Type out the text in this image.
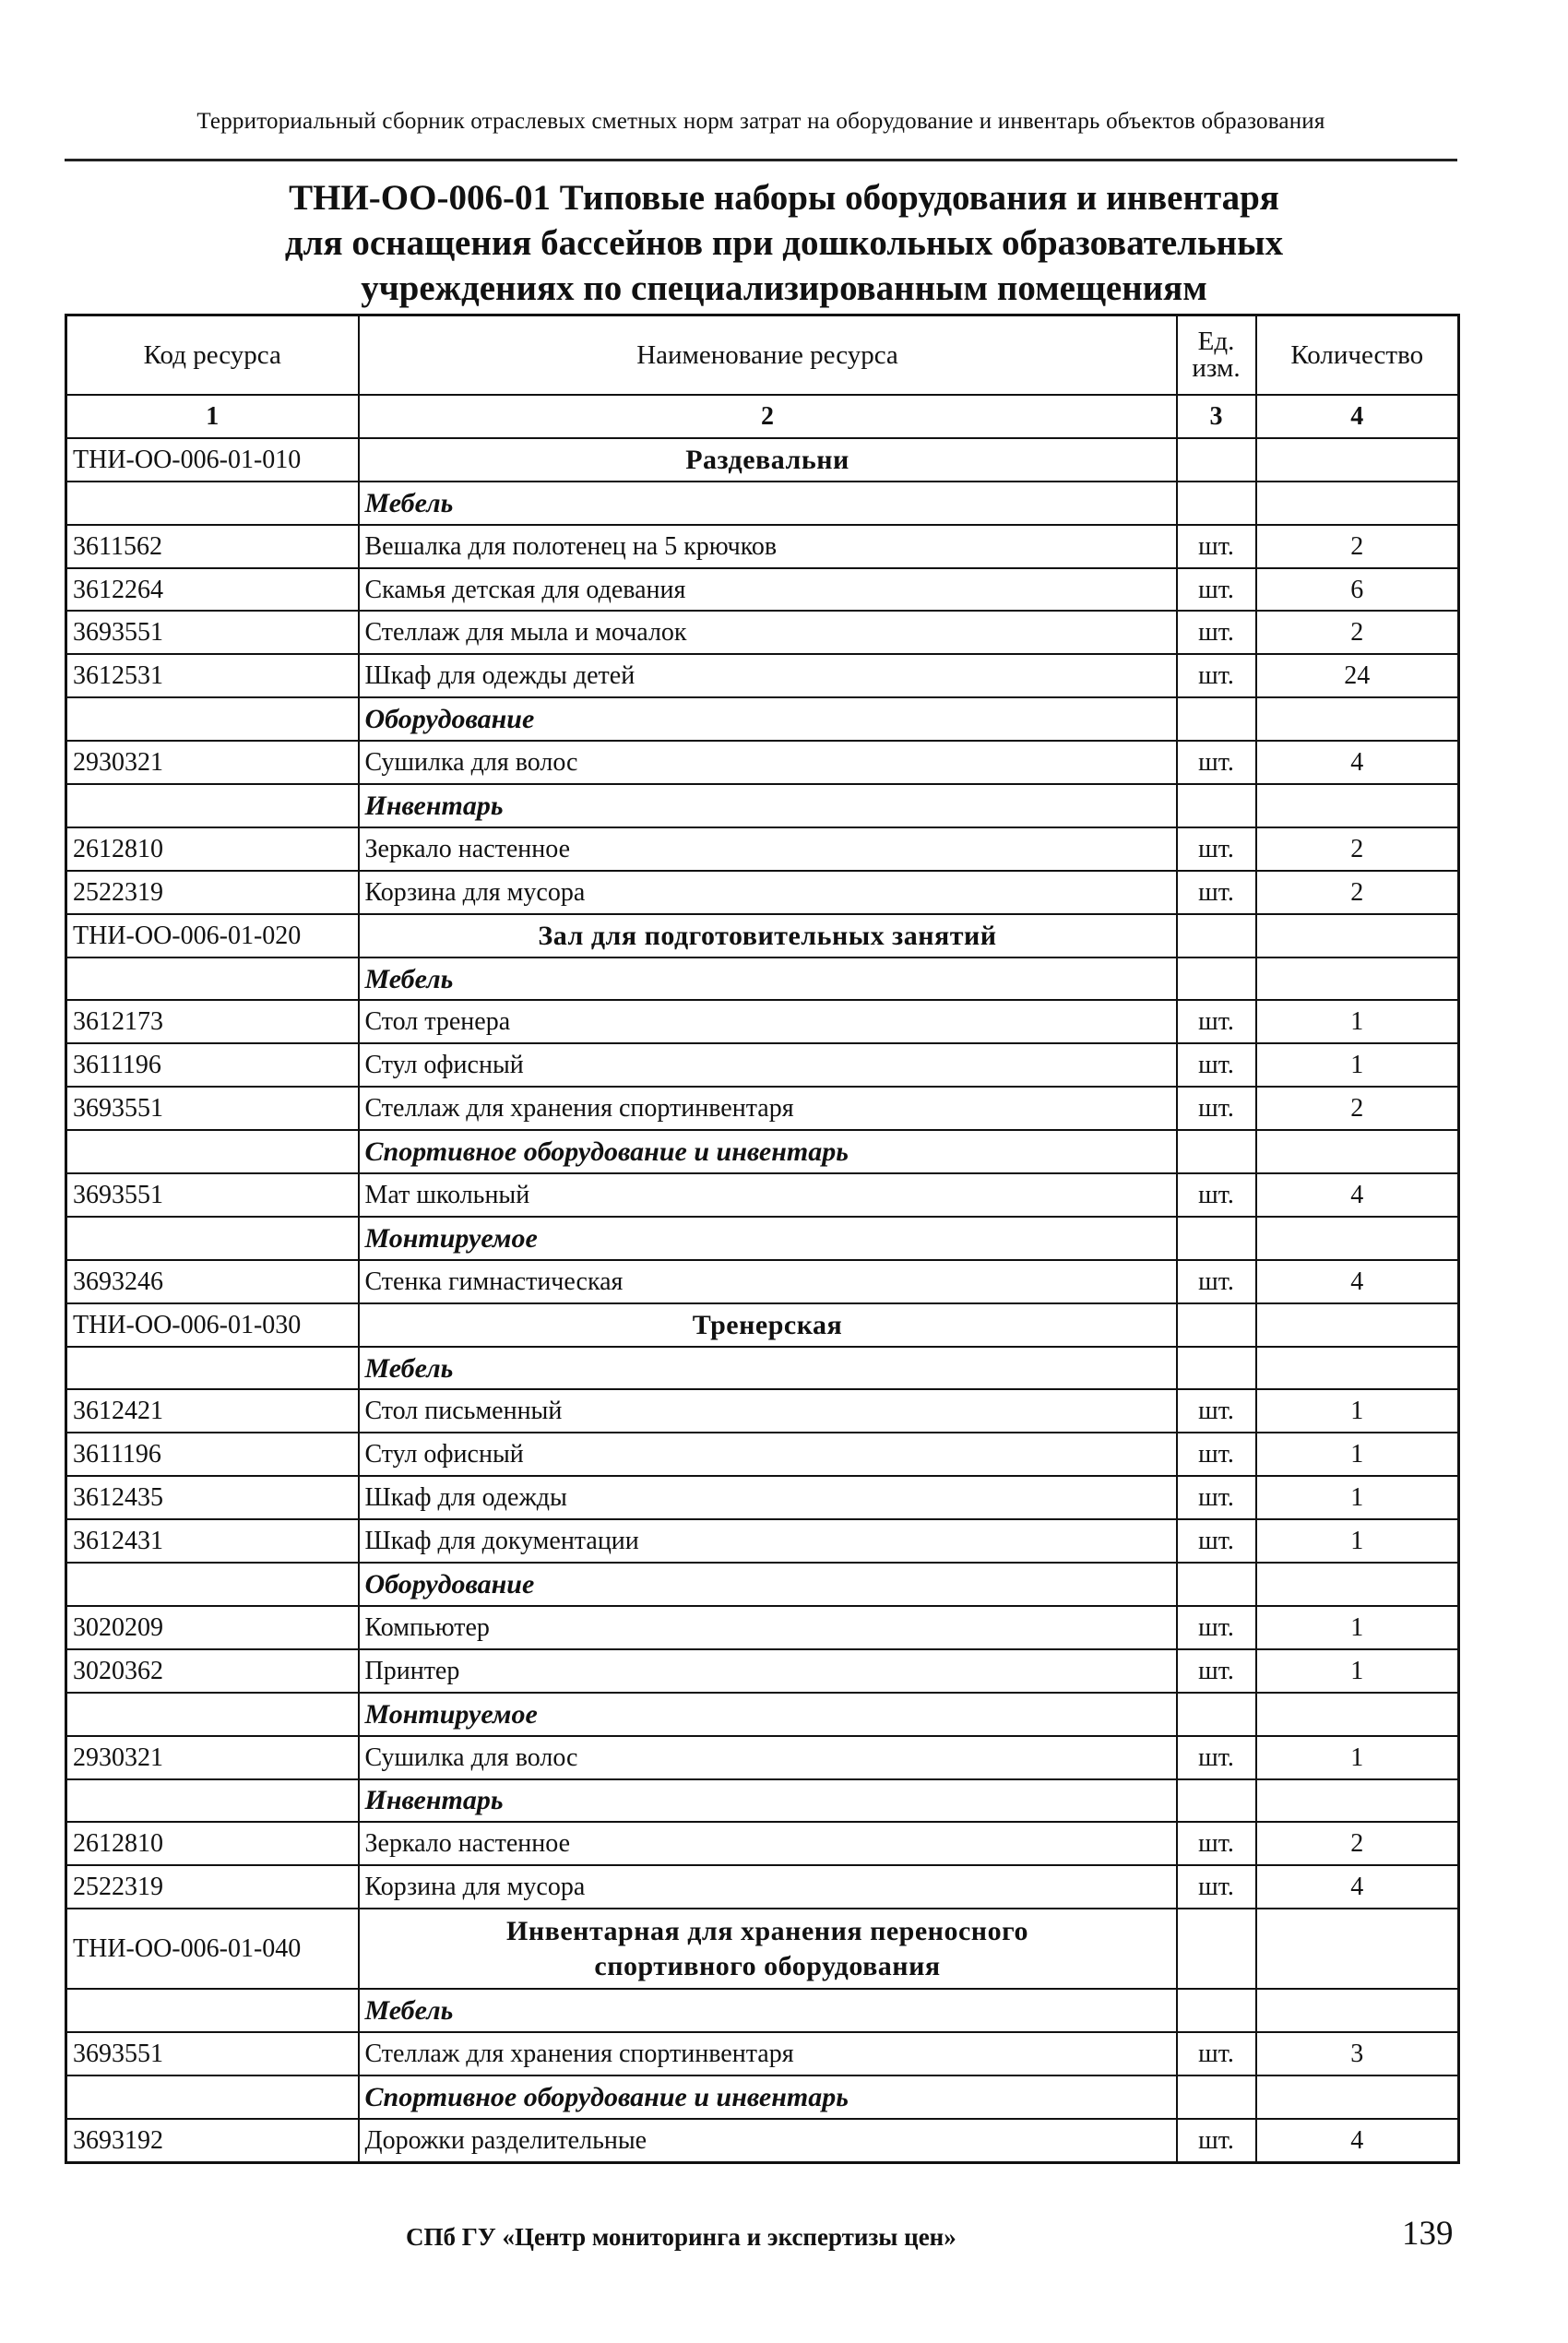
Территориальный сборник отраслевых сметных норм затрат на оборудование и инвентарь объектов образования
ТНИ-ОО-006-01 Типовые наборы оборудования и инвентаря
для оснащения бассейнов при дошкольных образовательных
учреждениях по специализированным помещениям
Код ресурса	Наименование ресурса	Ед. изм.	Количество
1	2	3	4
ТНИ-ОО-006-01-010	Раздевальни		
	Мебель		
3611562	Вешалка для полотенец на 5 крючков	шт.	2
3612264	Скамья детская для одевания	шт.	6
3693551	Стеллаж для мыла и мочалок	шт.	2
3612531	Шкаф для одежды детей	шт.	24
	Оборудование		
2930321	Сушилка для волос	шт.	4
	Инвентарь		
2612810	Зеркало настенное	шт.	2
2522319	Корзина для мусора	шт.	2
ТНИ-ОО-006-01-020	Зал для подготовительных занятий		
	Мебель		
3612173	Стол тренера	шт.	1
3611196	Стул офисный	шт.	1
3693551	Стеллаж для хранения спортинвентаря	шт.	2
	Спортивное оборудование и инвентарь		
3693551	Мат школьный	шт.	4
	Монтируемое		
3693246	Стенка гимнастическая	шт.	4
ТНИ-ОО-006-01-030	Тренерская		
	Мебель		
3612421	Стол письменный	шт.	1
3611196	Стул офисный	шт.	1
3612435	Шкаф для одежды	шт.	1
3612431	Шкаф для документации	шт.	1
	Оборудование		
3020209	Компьютер	шт.	1
3020362	Принтер	шт.	1
	Монтируемое		
2930321	Сушилка для волос	шт.	1
	Инвентарь		
2612810	Зеркало настенное	шт.	2
2522319	Корзина для мусора	шт.	4
ТНИ-ОО-006-01-040	Инвентарная для хранения переносного
спортивного оборудования		

	Мебель		
3693551	Стеллаж для хранения спортинвентаря	шт.	3
	Спортивное оборудование и инвентарь		
3693192	Дорожки разделительные	шт.	4
СПб ГУ «Центр мониторинга и экспертизы цен»	139
